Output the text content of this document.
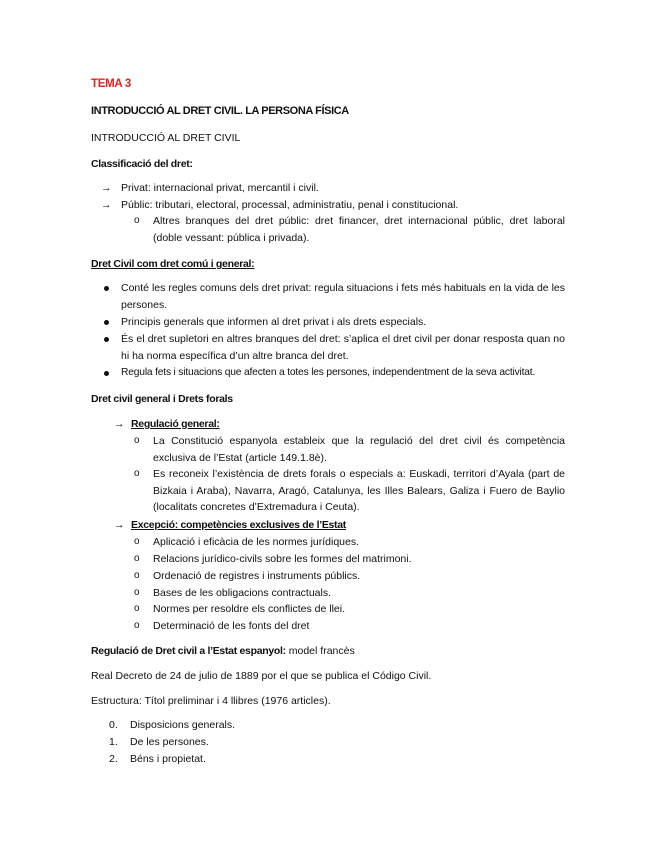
TEMA 3
INTRODUCCIÓ AL DRET CIVIL. LA PERSONA FÍSICA
INTRODUCCIÓ AL DRET CIVIL
Classificació del dret:
→ Privat: internacional privat, mercantil i civil.
→ Públic: tributari, electoral, processal, administratiu, penal i constitucional.
o Altres branques del dret públic: dret financer, dret internacional públic, dret laboral (doble vessant: pública i privada).
Dret Civil com dret comú i general:
Conté les regles comuns dels dret privat: regula situacions i fets més habituals en la vida de les persones.
Principis generals que informen al dret privat i als drets especials.
És el dret supletori en altres branques del dret: s’aplica el dret civil per donar resposta quan no hi ha norma específica d’un altre branca del dret.
Regula fets i situacions que afecten a totes les persones, independentment de la seva activitat.
Dret civil general i Drets forals
→ Regulació general:
o La Constitució espanyola estableix que la regulació del dret civil és competència exclusiva de l’Estat (article 149.1.8è).
o Es reconeix l’existència de drets forals o especials a: Euskadi, territori d’Ayala (part de Bizkaia i Araba), Navarra, Aragó, Catalunya, les Illes Balears, Galiza i Fuero de Baylio (localitats concretes d’Extremadura i Ceuta).
→ Excepció: competències exclusives de l’Estat
o Aplicació i eficàcia de les normes jurídiques.
o Relacions jurídico-civils sobre les formes del matrimoni.
o Ordenació de registres i instruments públics.
o Bases de les obligacions contractuals.
o Normes per resoldre els conflictes de llei.
o Determinació de les fonts del dret
Regulació de Dret civil a l’Estat espanyol: model francès
Real Decreto de 24 de julio de 1889 por el que se publica el Código Civil.
Estructura: Títol preliminar i 4 llibres (1976 articles).
0. Disposicions generals.
1. De les persones.
2. Béns i propietat.
